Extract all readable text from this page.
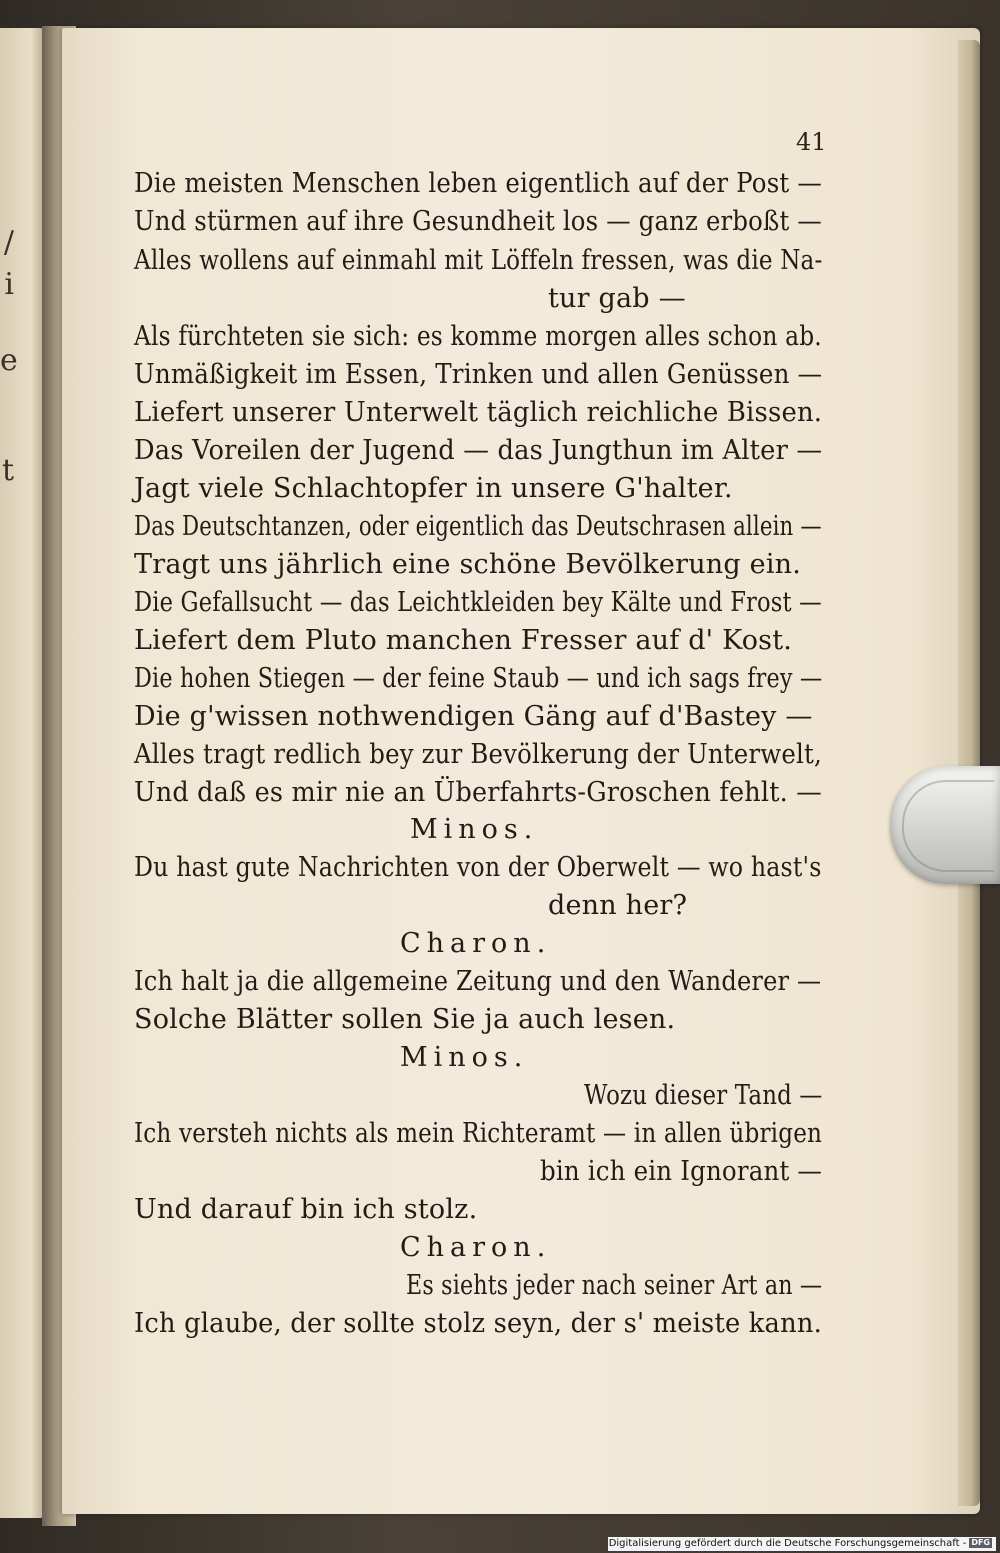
/
i
e
t
41
Die meisten Menschen leben eigentlich auf der Post —
Und stürmen auf ihre Gesundheit los — ganz erboßt —
Alles wollens auf einmahl mit Löffeln fressen, was die Na-
tur gab —
Als fürchteten sie sich: es komme morgen alles schon ab.
Unmäßigkeit im Essen, Trinken und allen Genüssen —
Liefert unserer Unterwelt täglich reichliche Bissen.
Das Voreilen der Jugend — das Jungthun im Alter —
Jagt viele Schlachtopfer in unsere G'halter.
Das Deutschtanzen, oder eigentlich das Deutschrasen allein —
Tragt uns jährlich eine schöne Bevölkerung ein.
Die Gefallsucht — das Leichtkleiden bey Kälte und Frost —
Liefert dem Pluto manchen Fresser auf d' Kost.
Die hohen Stiegen — der feine Staub — und ich sags frey —
Die g'wissen nothwendigen Gäng auf d'Bastey —
Alles tragt redlich bey zur Bevölkerung der Unterwelt,
Und daß es mir nie an Überfahrts-Groschen fehlt. —
Minos.
Du hast gute Nachrichten von der Oberwelt — wo hast's
denn her?
Charon.
Ich halt ja die allgemeine Zeitung und den Wanderer —
Solche Blätter sollen Sie ja auch lesen.
Minos.
Wozu dieser Tand —
Ich versteh nichts als mein Richteramt — in allen übrigen
bin ich ein Ignorant —
Und darauf bin ich stolz.
Charon.
Es siehts jeder nach seiner Art an —
Ich glaube, der sollte stolz seyn, der s' meiste kann.
Digitalisierung gefördert durch die Deutsche Forschungsgemeinschaft - DFG
